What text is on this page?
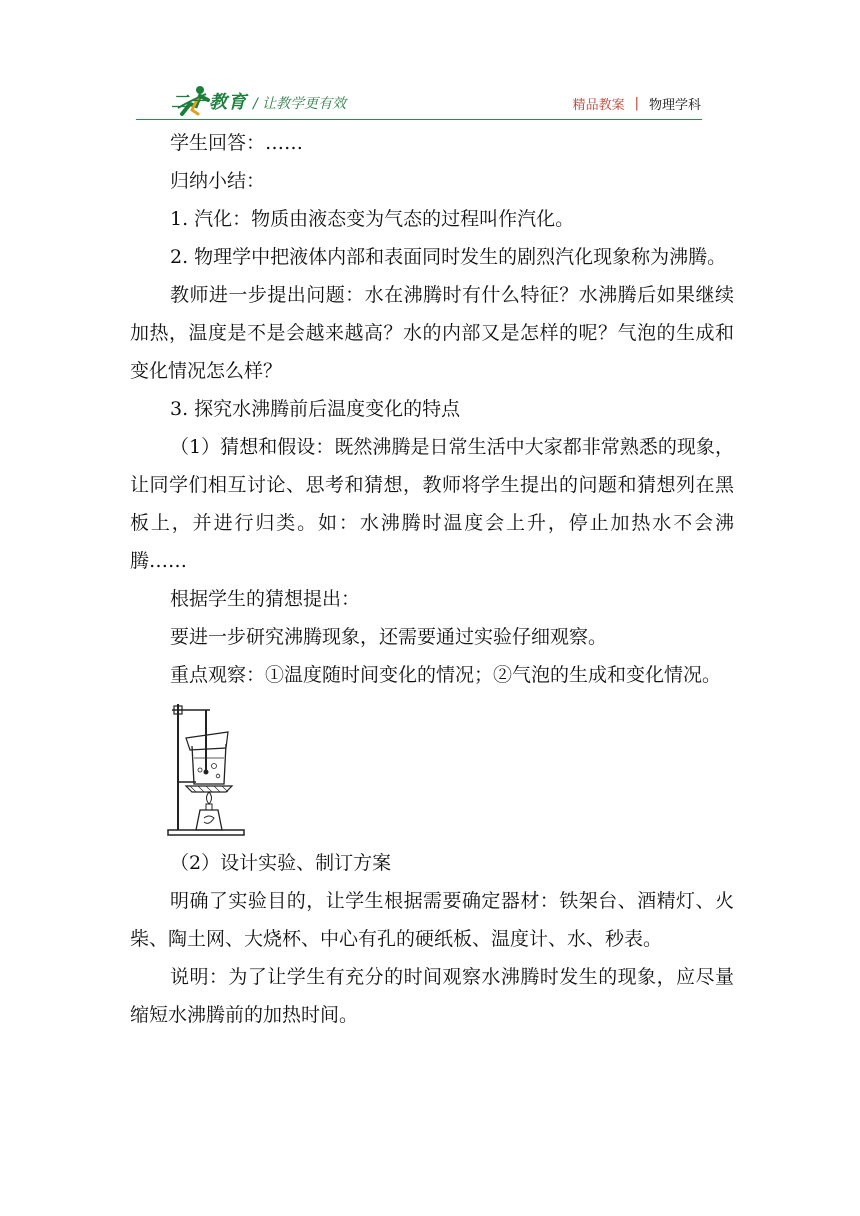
二一教育 / 让教学更有效	精品教案 | 物理学科

学生回答：……

归纳小结：

1. 汽化：物质由液态变为气态的过程叫作汽化。

2. 物理学中把液体内部和表面同时发生的剧烈汽化现象称为沸腾。

教师进一步提出问题：水在沸腾时有什么特征？水沸腾后如果继续加热，温度是不是会越来越高？水的内部又是怎样的呢？气泡的生成和变化情况怎么样？

3. 探究水沸腾前后温度变化的特点

（1）猜想和假设：既然沸腾是日常生活中大家都非常熟悉的现象，让同学们相互讨论、思考和猜想，教师将学生提出的问题和猜想列在黑板上，并进行归类。如：水沸腾时温度会上升，停止加热水不会沸腾……

根据学生的猜想提出：

要进一步研究沸腾现象，还需要通过实验仔细观察。

重点观察：①温度随时间变化的情况；②气泡的生成和变化情况。

（2）设计实验、制订方案

明确了实验目的，让学生根据需要确定器材：铁架台、酒精灯、火柴、陶土网、大烧杯、中心有孔的硬纸板、温度计、水、秒表。

说明：为了让学生有充分的时间观察水沸腾时发生的现象，应尽量缩短水沸腾前的加热时间。
